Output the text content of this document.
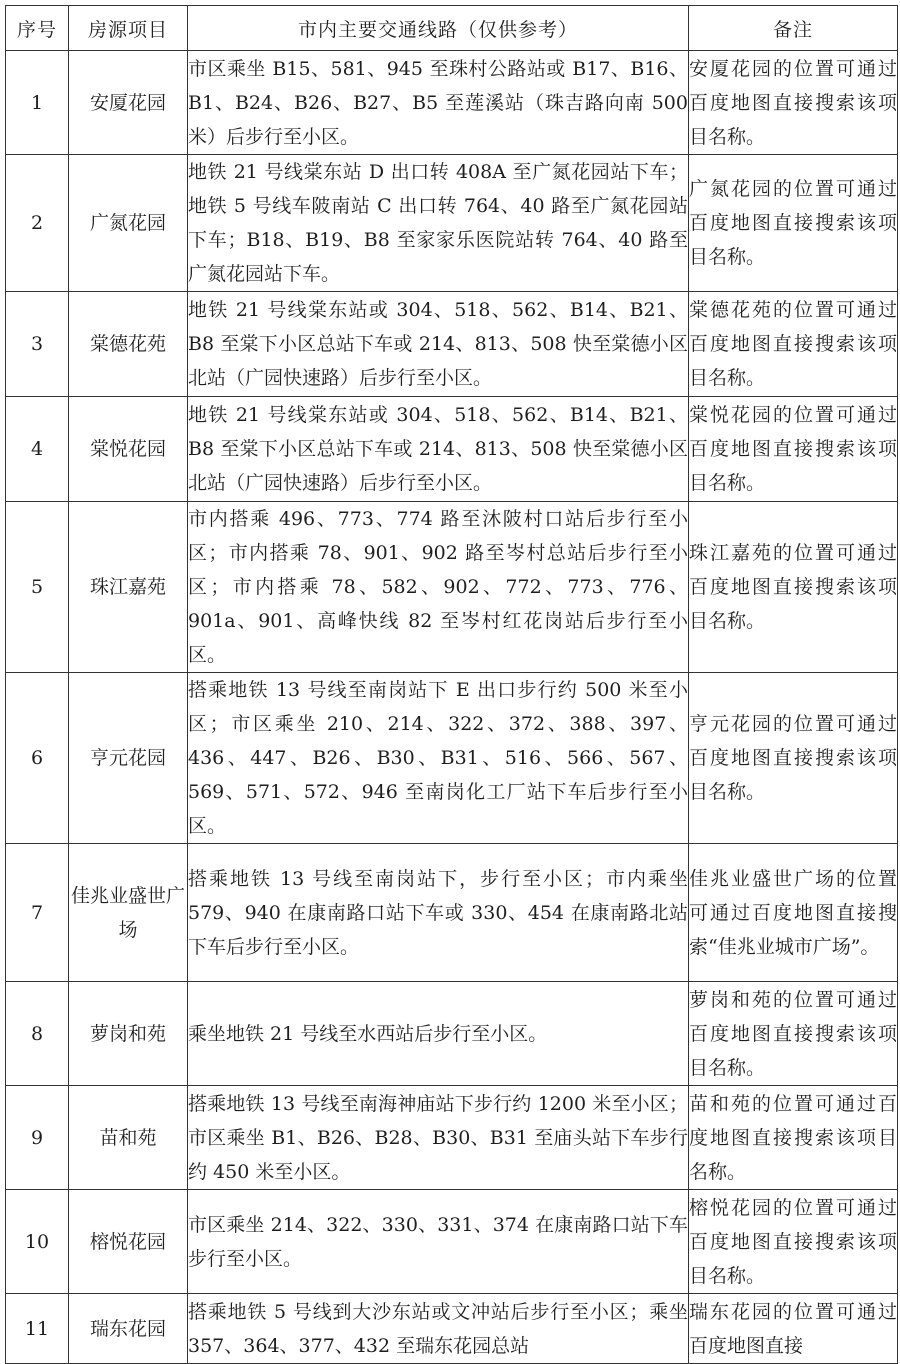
序号	房源项目	市内主要交通线路（仅供参考）	备注
1	安厦花园	市区乘坐 B15、581、945 至珠村公路站或 B17、B16、B1、B24、B26、B27、B5 至莲溪站（珠吉路向南 500 米）后步行至小区。	安厦花园的位置可通过百度地图直接搜索该项目名称。
2	广氮花园	地铁 21 号线棠东站 D 出口转 408A 至广氮花园站下车；地铁 5 号线车陂南站 C 出口转 764、40 路至广氮花园站下车；B18、B19、B8 至家家乐医院站转 764、40 路至广氮花园站下车。	广氮花园的位置可通过百度地图直接搜索该项目名称。
3	棠德花苑	地铁 21 号线棠东站或 304、518、562、B14、B21、B8 至棠下小区总站下车或 214、813、508 快至棠德小区北站（广园快速路）后步行至小区。	棠德花苑的位置可通过百度地图直接搜索该项目名称。
4	棠悦花园	地铁 21 号线棠东站或 304、518、562、B14、B21、B8 至棠下小区总站下车或 214、813、508 快至棠德小区北站（广园快速路）后步行至小区。	棠悦花园的位置可通过百度地图直接搜索该项目名称。
5	珠江嘉苑	市内搭乘 496、773、774 路至沐陂村口站后步行至小区；市内搭乘 78、901、902 路至岑村总站后步行至小区；市内搭乘 78、582、902、772、773、776、901a、901、高峰快线 82 至岑村红花岗站后步行至小区。	珠江嘉苑的位置可通过百度地图直接搜索该项目名称。
6	亨元花园	搭乘地铁 13 号线至南岗站下 E 出口步行约 500 米至小区；市区乘坐 210、214、322、372、388、397、436、447、B26、B30、B31、516、566、567、569、571、572、946 至南岗化工厂站下车后步行至小区。	亨元花园的位置可通过百度地图直接搜索该项目名称。
7	佳兆业盛世广场	搭乘地铁 13 号线至南岗站下，步行至小区；市内乘坐 579、940 在康南路口站下车或 330、454 在康南路北站下车后步行至小区。	佳兆业盛世广场的位置可通过百度地图直接搜索“佳兆业城市广场”。
8	萝岗和苑	乘坐地铁 21 号线至水西站后步行至小区。	萝岗和苑的位置可通过百度地图直接搜索该项目名称。
9	苗和苑	搭乘地铁 13 号线至南海神庙站下步行约 1200 米至小区；市区乘坐 B1、B26、B28、B30、B31 至庙头站下车步行约 450 米至小区。	苗和苑的位置可通过百度地图直接搜索该项目名称。
10	榕悦花园	市区乘坐 214、322、330、331、374 在康南路口站下车步行至小区。	榕悦花园的位置可通过百度地图直接搜索该项目名称。
11	瑞东花园	搭乘地铁 5 号线到大沙东站或文冲站后步行至小区；乘坐 357、364、377、432 至瑞东花园总站	瑞东花园的位置可通过百度地图直接
